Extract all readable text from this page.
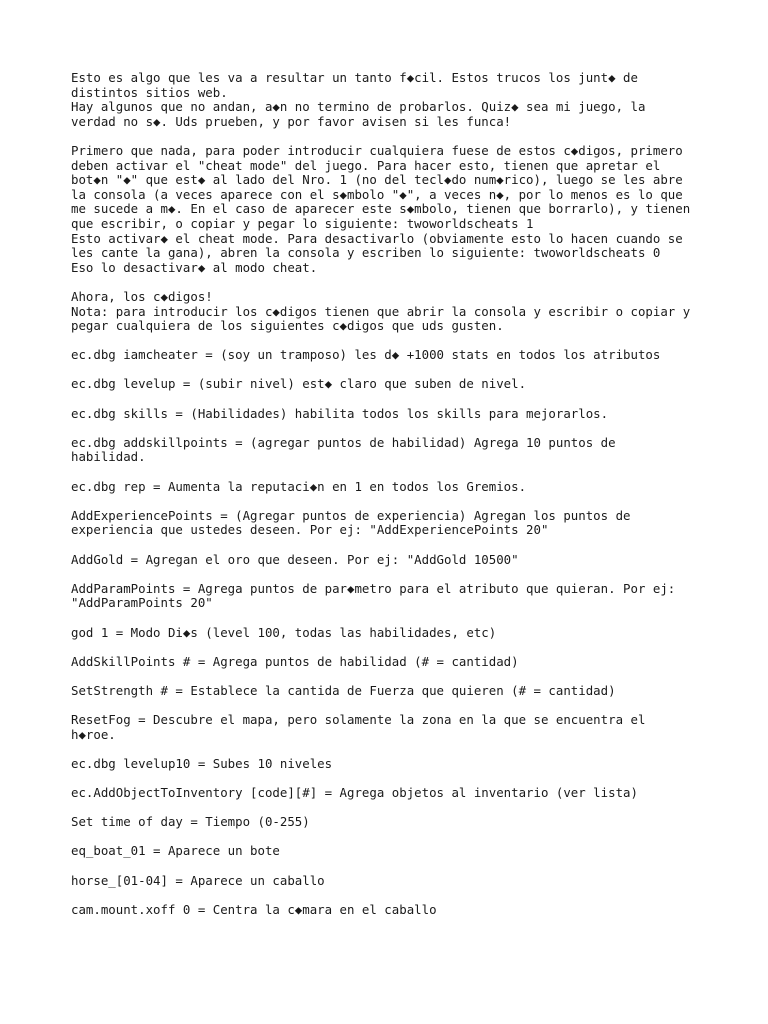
Esto es algo que les va a resultar un tanto f◆cil. Estos trucos los junt◆ de
distintos sitios web.
Hay algunos que no andan, a◆n no termino de probarlos. Quiz◆ sea mi juego, la
verdad no s◆. Uds prueben, y por favor avisen si les funca!

Primero que nada, para poder introducir cualquiera fuese de estos c◆digos, primero
deben activar el "cheat mode" del juego. Para hacer esto, tienen que apretar el
bot◆n "◆" que est◆ al lado del Nro. 1 (no del tecl◆do num◆rico), luego se les abre
la consola (a veces aparece con el s◆mbolo "◆", a veces n◆, por lo menos es lo que
me sucede a m◆. En el caso de aparecer este s◆mbolo, tienen que borrarlo), y tienen
que escribir, o copiar y pegar lo siguiente: twoworldscheats 1
Esto activar◆ el cheat mode. Para desactivarlo (obviamente esto lo hacen cuando se
les cante la gana), abren la consola y escriben lo siguiente: twoworldscheats 0
Eso lo desactivar◆ al modo cheat.

Ahora, los c◆digos!
Nota: para introducir los c◆digos tienen que abrir la consola y escribir o copiar y
pegar cualquiera de los siguientes c◆digos que uds gusten.

ec.dbg iamcheater = (soy un tramposo) les d◆ +1000 stats en todos los atributos

ec.dbg levelup = (subir nivel) est◆ claro que suben de nivel.

ec.dbg skills = (Habilidades) habilita todos los skills para mejorarlos.

ec.dbg addskillpoints = (agregar puntos de habilidad) Agrega 10 puntos de
habilidad.

ec.dbg rep = Aumenta la reputaci◆n en 1 en todos los Gremios.

AddExperiencePoints = (Agregar puntos de experiencia) Agregan los puntos de
experiencia que ustedes deseen. Por ej: "AddExperiencePoints 20"

AddGold = Agregan el oro que deseen. Por ej: "AddGold 10500"

AddParamPoints = Agrega puntos de par◆metro para el atributo que quieran. Por ej:
"AddParamPoints 20"

god 1 = Modo Di◆s (level 100, todas las habilidades, etc)

AddSkillPoints # = Agrega puntos de habilidad (# = cantidad)

SetStrength # = Establece la cantida de Fuerza que quieren (# = cantidad)

ResetFog = Descubre el mapa, pero solamente la zona en la que se encuentra el
h◆roe.

ec.dbg levelup10 = Subes 10 niveles

ec.AddObjectToInventory [code][#] = Agrega objetos al inventario (ver lista)

Set time of day = Tiempo (0-255)

eq_boat_01 = Aparece un bote

horse_[01-04] = Aparece un caballo

cam.mount.xoff 0 = Centra la c◆mara en el caballo
